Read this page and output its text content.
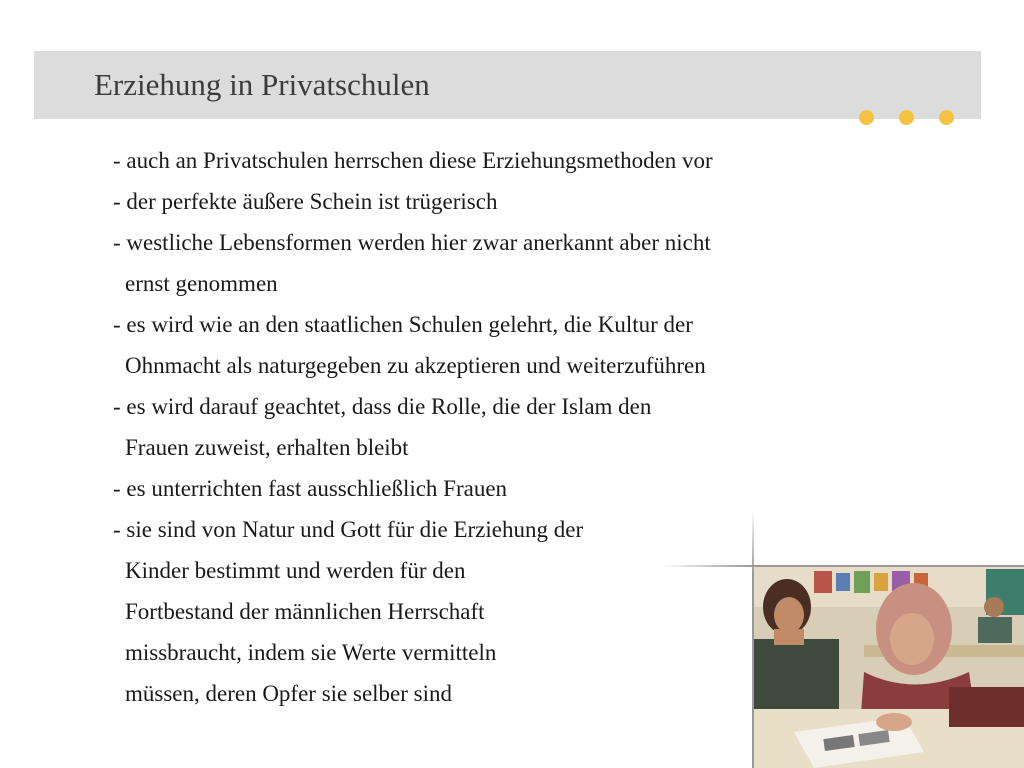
Erziehung in Privatschulen
- auch an Privatschulen herrschen diese Erziehungsmethoden vor
- der perfekte äußere Schein ist trügerisch
- westliche Lebensformen werden hier zwar anerkannt aber nicht
ernst genommen
- es wird wie an den staatlichen Schulen gelehrt, die Kultur der
Ohnmacht als naturgegeben zu akzeptieren und weiterzuführen
- es wird darauf geachtet, dass die Rolle, die der Islam den
Frauen zuweist, erhalten bleibt
- es unterrichten fast ausschließlich Frauen
- sie sind von Natur und Gott für die Erziehung der
Kinder bestimmt und werden für den
Fortbestand der männlichen Herrschaft
missbraucht, indem sie Werte vermitteln
müssen, deren Opfer sie selber sind
